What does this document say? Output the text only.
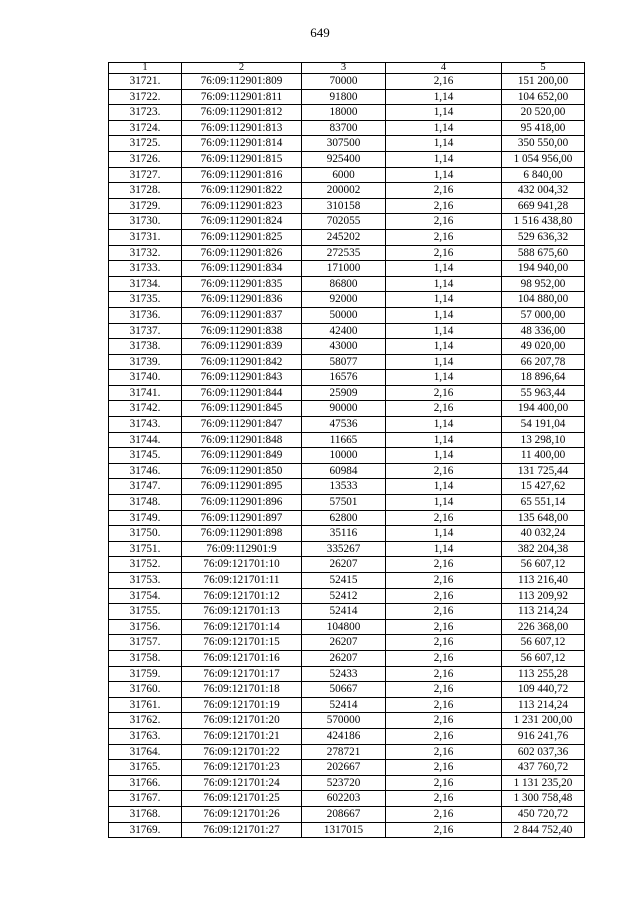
649
1	2	3	4	5
31721.	76:09:112901:809	70000	2,16	151 200,00
31722.	76:09:112901:811	91800	1,14	104 652,00
31723.	76:09:112901:812	18000	1,14	20 520,00
31724.	76:09:112901:813	83700	1,14	95 418,00
31725.	76:09:112901:814	307500	1,14	350 550,00
31726.	76:09:112901:815	925400	1,14	1 054 956,00
31727.	76:09:112901:816	6000	1,14	6 840,00
31728.	76:09:112901:822	200002	2,16	432 004,32
31729.	76:09:112901:823	310158	2,16	669 941,28
31730.	76:09:112901:824	702055	2,16	1 516 438,80
31731.	76:09:112901:825	245202	2,16	529 636,32
31732.	76:09:112901:826	272535	2,16	588 675,60
31733.	76:09:112901:834	171000	1,14	194 940,00
31734.	76:09:112901:835	86800	1,14	98 952,00
31735.	76:09:112901:836	92000	1,14	104 880,00
31736.	76:09:112901:837	50000	1,14	57 000,00
31737.	76:09:112901:838	42400	1,14	48 336,00
31738.	76:09:112901:839	43000	1,14	49 020,00
31739.	76:09:112901:842	58077	1,14	66 207,78
31740.	76:09:112901:843	16576	1,14	18 896,64
31741.	76:09:112901:844	25909	2,16	55 963,44
31742.	76:09:112901:845	90000	2,16	194 400,00
31743.	76:09:112901:847	47536	1,14	54 191,04
31744.	76:09:112901:848	11665	1,14	13 298,10
31745.	76:09:112901:849	10000	1,14	11 400,00
31746.	76:09:112901:850	60984	2,16	131 725,44
31747.	76:09:112901:895	13533	1,14	15 427,62
31748.	76:09:112901:896	57501	1,14	65 551,14
31749.	76:09:112901:897	62800	2,16	135 648,00
31750.	76:09:112901:898	35116	1,14	40 032,24
31751.	76:09:112901:9	335267	1,14	382 204,38
31752.	76:09:121701:10	26207	2,16	56 607,12
31753.	76:09:121701:11	52415	2,16	113 216,40
31754.	76:09:121701:12	52412	2,16	113 209,92
31755.	76:09:121701:13	52414	2,16	113 214,24
31756.	76:09:121701:14	104800	2,16	226 368,00
31757.	76:09:121701:15	26207	2,16	56 607,12
31758.	76:09:121701:16	26207	2,16	56 607,12
31759.	76:09:121701:17	52433	2,16	113 255,28
31760.	76:09:121701:18	50667	2,16	109 440,72
31761.	76:09:121701:19	52414	2,16	113 214,24
31762.	76:09:121701:20	570000	2,16	1 231 200,00
31763.	76:09:121701:21	424186	2,16	916 241,76
31764.	76:09:121701:22	278721	2,16	602 037,36
31765.	76:09:121701:23	202667	2,16	437 760,72
31766.	76:09:121701:24	523720	2,16	1 131 235,20
31767.	76:09:121701:25	602203	2,16	1 300 758,48
31768.	76:09:121701:26	208667	2,16	450 720,72
31769.	76:09:121701:27	1317015	2,16	2 844 752,40
